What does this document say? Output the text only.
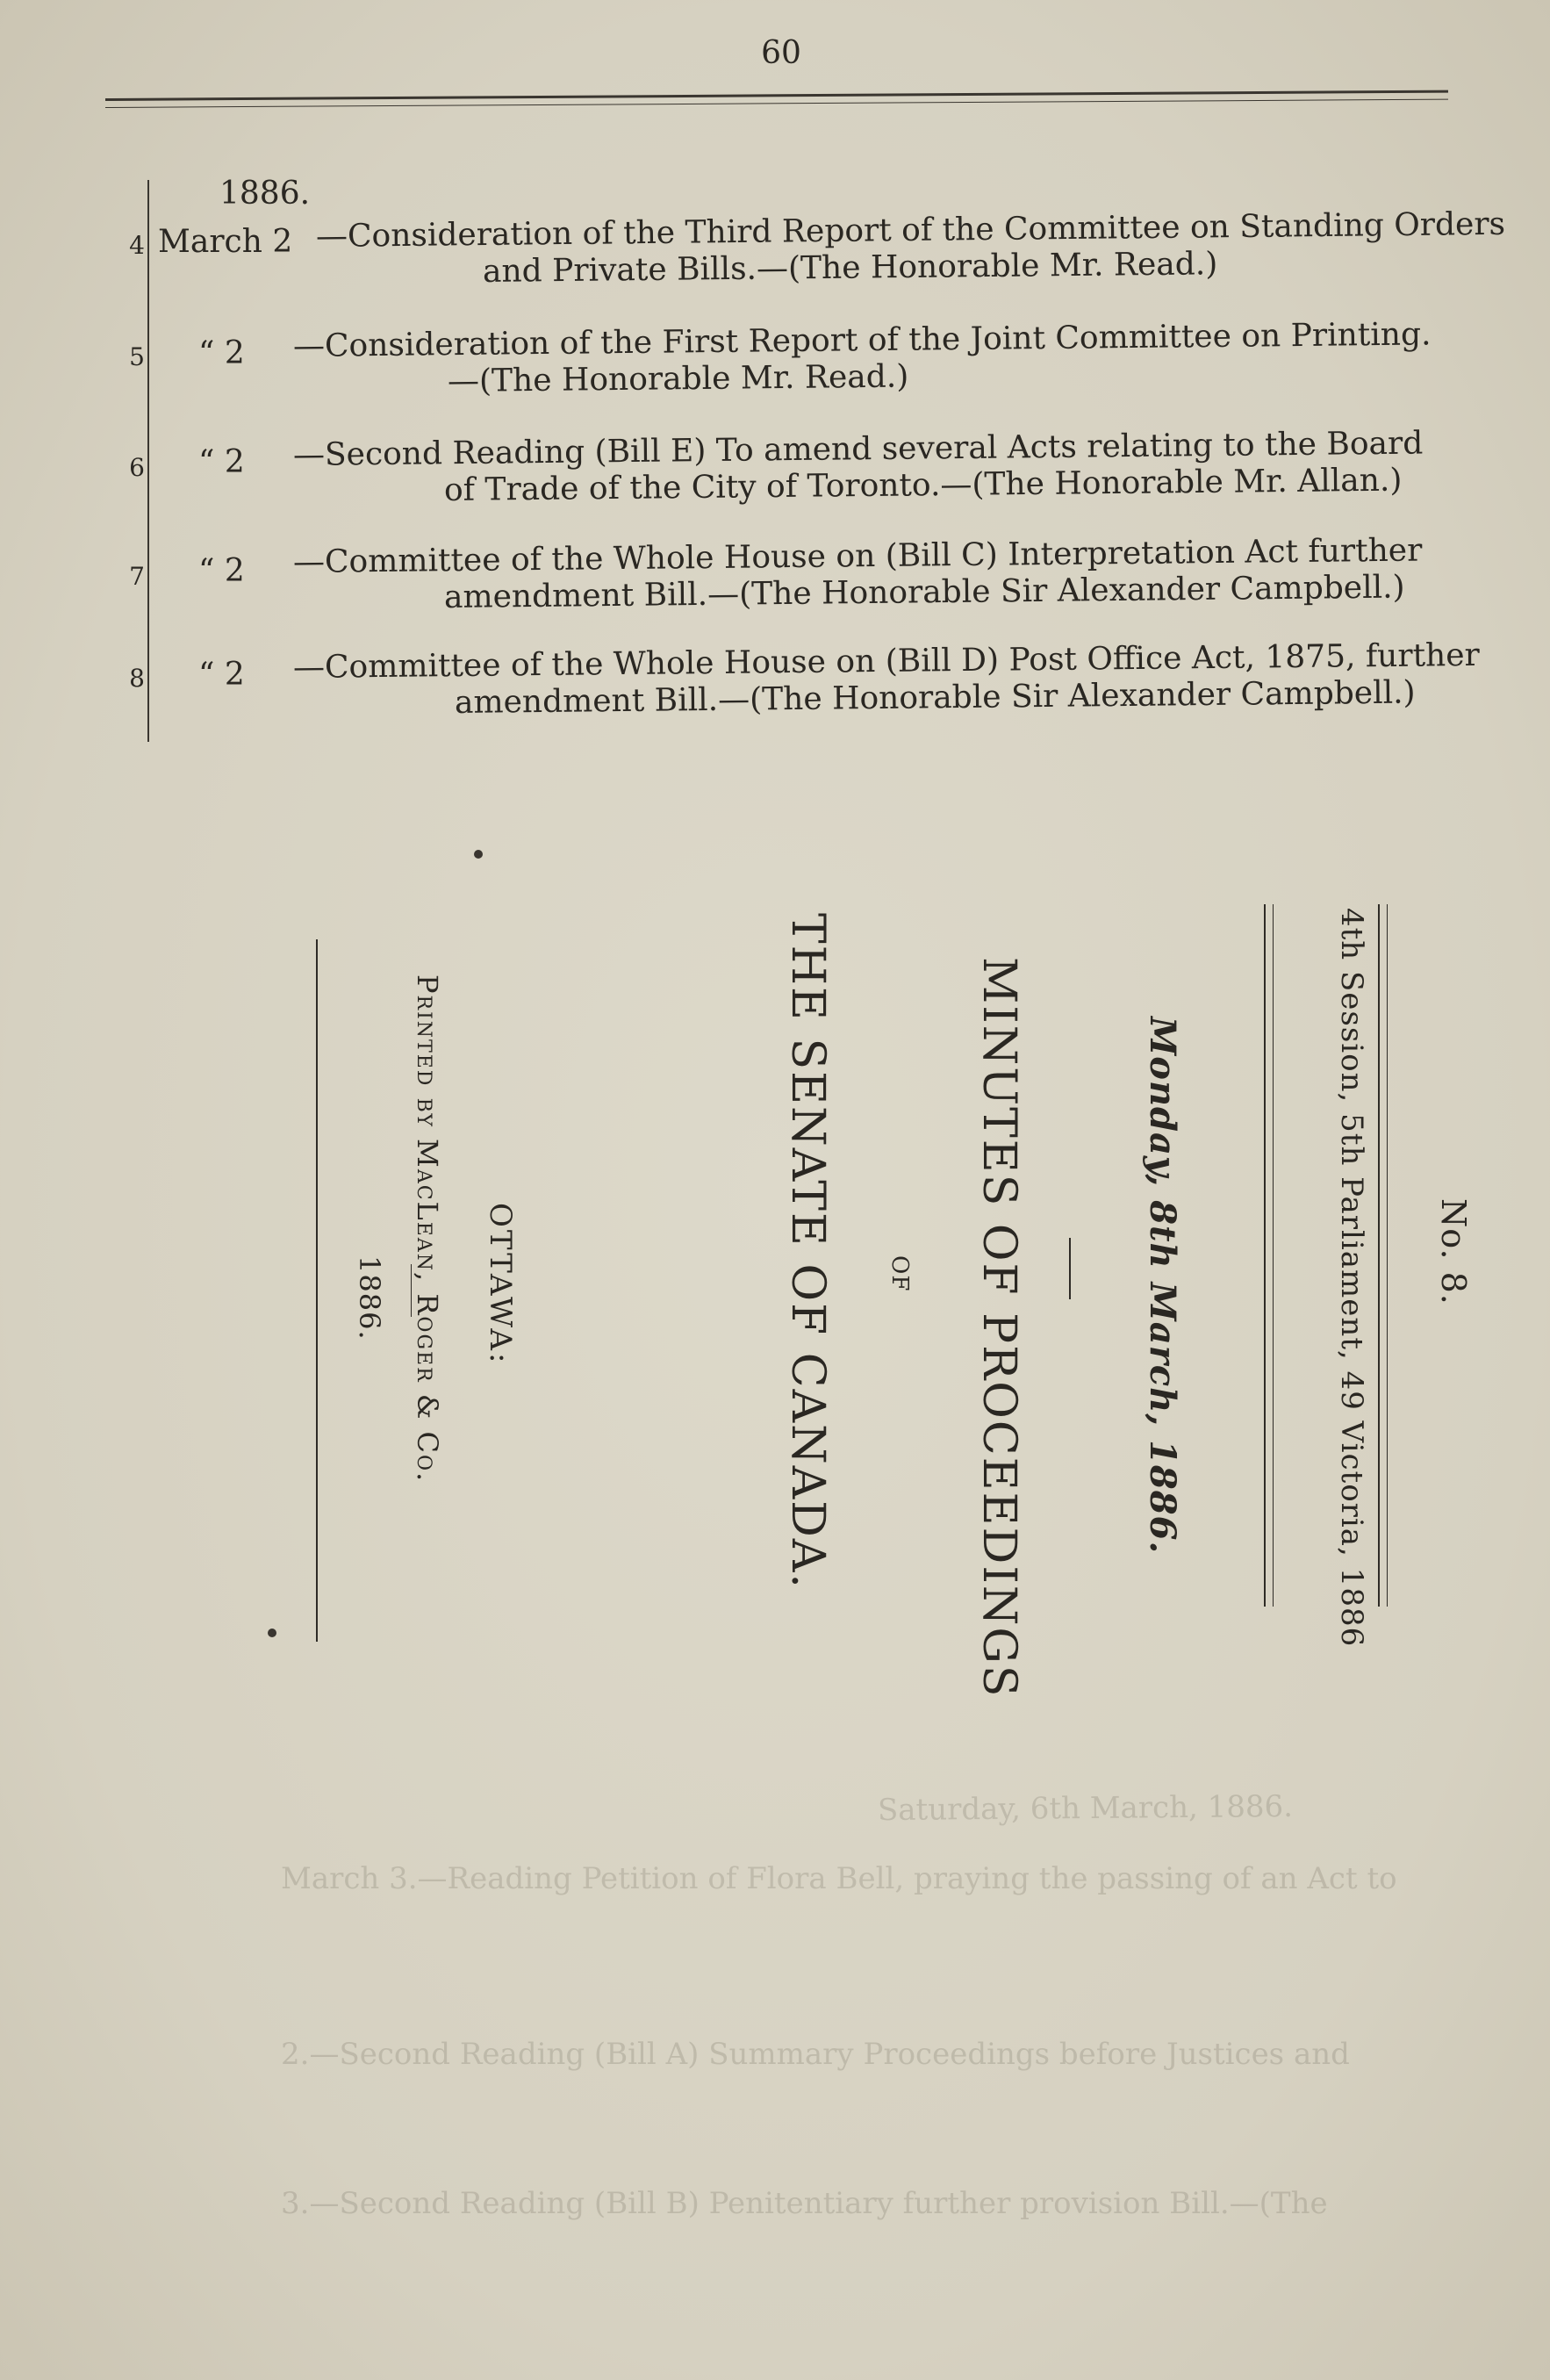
60
Saturday, 6th March, 1886.
March 3.—Reading Petition of Flora Bell, praying the passing of an Act to
2.—Second Reading (Bill A) Summary Proceedings before Justices and
3.—Second Reading (Bill B) Penitentiary further provision Bill.—(The
1886.
4 March 2 —Consideration of the Third Report of the Committee on Standing Orders
and Private Bills.—(The Honorable Mr. Read.)
5 “ 2 —Consideration of the First Report of the Joint Committee on Printing.
—(The Honorable Mr. Read.)
6 “ 2 —Second Reading (Bill E) To amend several Acts relating to the Board
of Trade of the City of Toronto.—(The Honorable Mr. Allan.)
7 “ 2 —Committee of the Whole House on (Bill C) Interpretation Act further
amendment Bill.—(The Honorable Sir Alexander Campbell.)
8 “ 2 —Committee of the Whole House on (Bill D) Post Office Act, 1875, further
amendment Bill.—(The Honorable Sir Alexander Campbell.)
No. 8.
4th Session, 5th Parliament, 49 Victoria, 1886
Monday, 8th March, 1886.
MINUTES OF PROCEEDINGS
OF
THE SENATE OF CANADA.
OTTAWA:
Printed by MacLean, Roger & Co.
1886.
